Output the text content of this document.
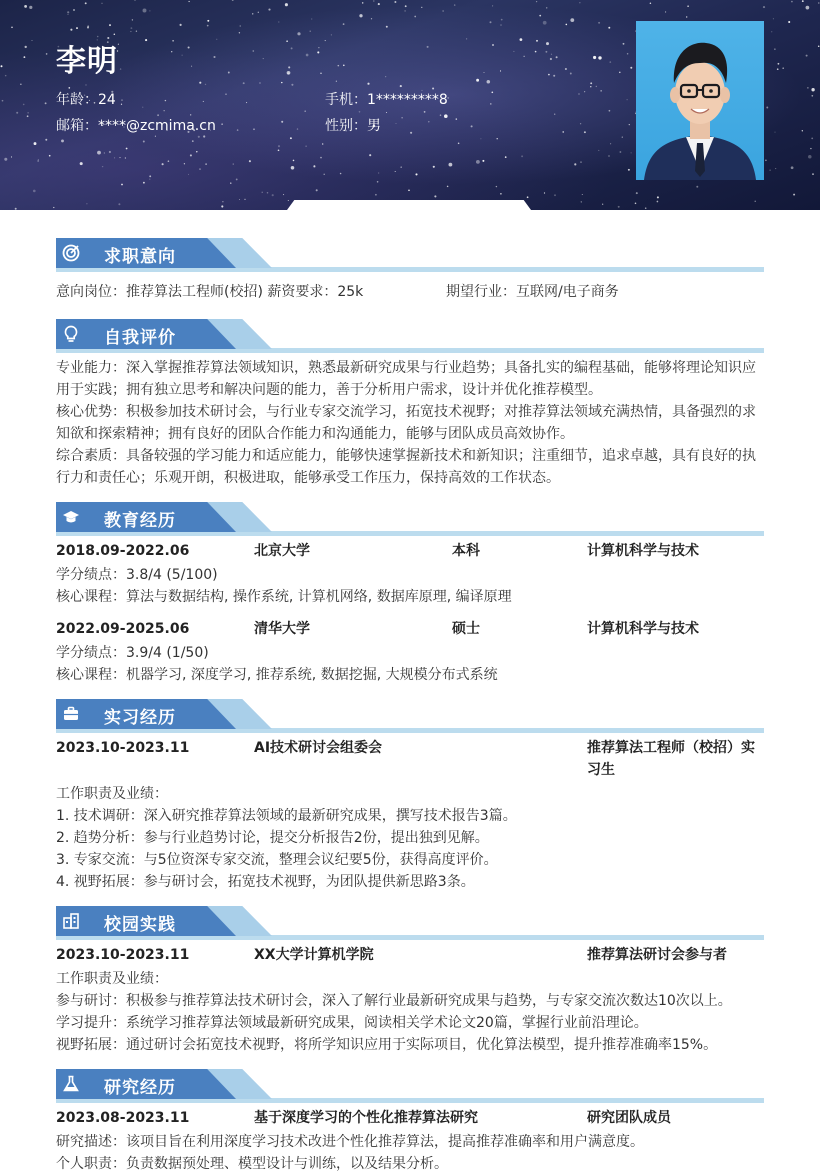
李明
年龄：24	手机：1*********8
邮箱：****@zcmima.cn	性别：男
求职意向
意向岗位：推荐算法工程师(校招) 薪资要求：25k	期望行业：互联网/电子商务
自我评价
专业能力：深入掌握推荐算法领域知识，熟悉最新研究成果与行业趋势；具备扎实的编程基础，能够将理论知识应用于实践；拥有独立思考和解决问题的能力，善于分析用户需求，设计并优化推荐模型。
核心优势：积极参加技术研讨会，与行业专家交流学习，拓宽技术视野；对推荐算法领域充满热情，具备强烈的求知欲和探索精神；拥有良好的团队合作能力和沟通能力，能够与团队成员高效协作。
综合素质：具备较强的学习能力和适应能力，能够快速掌握新技术和新知识；注重细节，追求卓越，具有良好的执行力和责任心；乐观开朗，积极进取，能够承受工作压力，保持高效的工作状态。
教育经历
2018.09-2022.06	北京大学	本科	计算机科学与技术
学分绩点：3.8/4 (5/100)
核心课程：算法与数据结构, 操作系统, 计算机网络, 数据库原理, 编译原理
2022.09-2025.06	清华大学	硕士	计算机科学与技术
学分绩点：3.9/4 (1/50)
核心课程：机器学习, 深度学习, 推荐系统, 数据挖掘, 大规模分布式系统
实习经历
2023.10-2023.11	AI技术研讨会组委会	推荐算法工程师（校招）实习生
工作职责及业绩：
1. 技术调研：深入研究推荐算法领域的最新研究成果，撰写技术报告3篇。
2. 趋势分析：参与行业趋势讨论，提交分析报告2份，提出独到见解。
3. 专家交流：与5位资深专家交流，整理会议纪要5份，获得高度评价。
4. 视野拓展：参与研讨会，拓宽技术视野，为团队提供新思路3条。
校园实践
2023.10-2023.11	XX大学计算机学院	推荐算法研讨会参与者
工作职责及业绩：
参与研讨：积极参与推荐算法技术研讨会，深入了解行业最新研究成果与趋势，与专家交流次数达10次以上。
学习提升：系统学习推荐算法领域最新研究成果，阅读相关学术论文20篇，掌握行业前沿理论。
视野拓展：通过研讨会拓宽技术视野，将所学知识应用于实际项目，优化算法模型，提升推荐准确率15%。
研究经历
2023.08-2023.11	基于深度学习的个性化推荐算法研究	研究团队成员
研究描述：该项目旨在利用深度学习技术改进个性化推荐算法，提高推荐准确率和用户满意度。
个人职责：负责数据预处理、模型设计与训练，以及结果分析。
